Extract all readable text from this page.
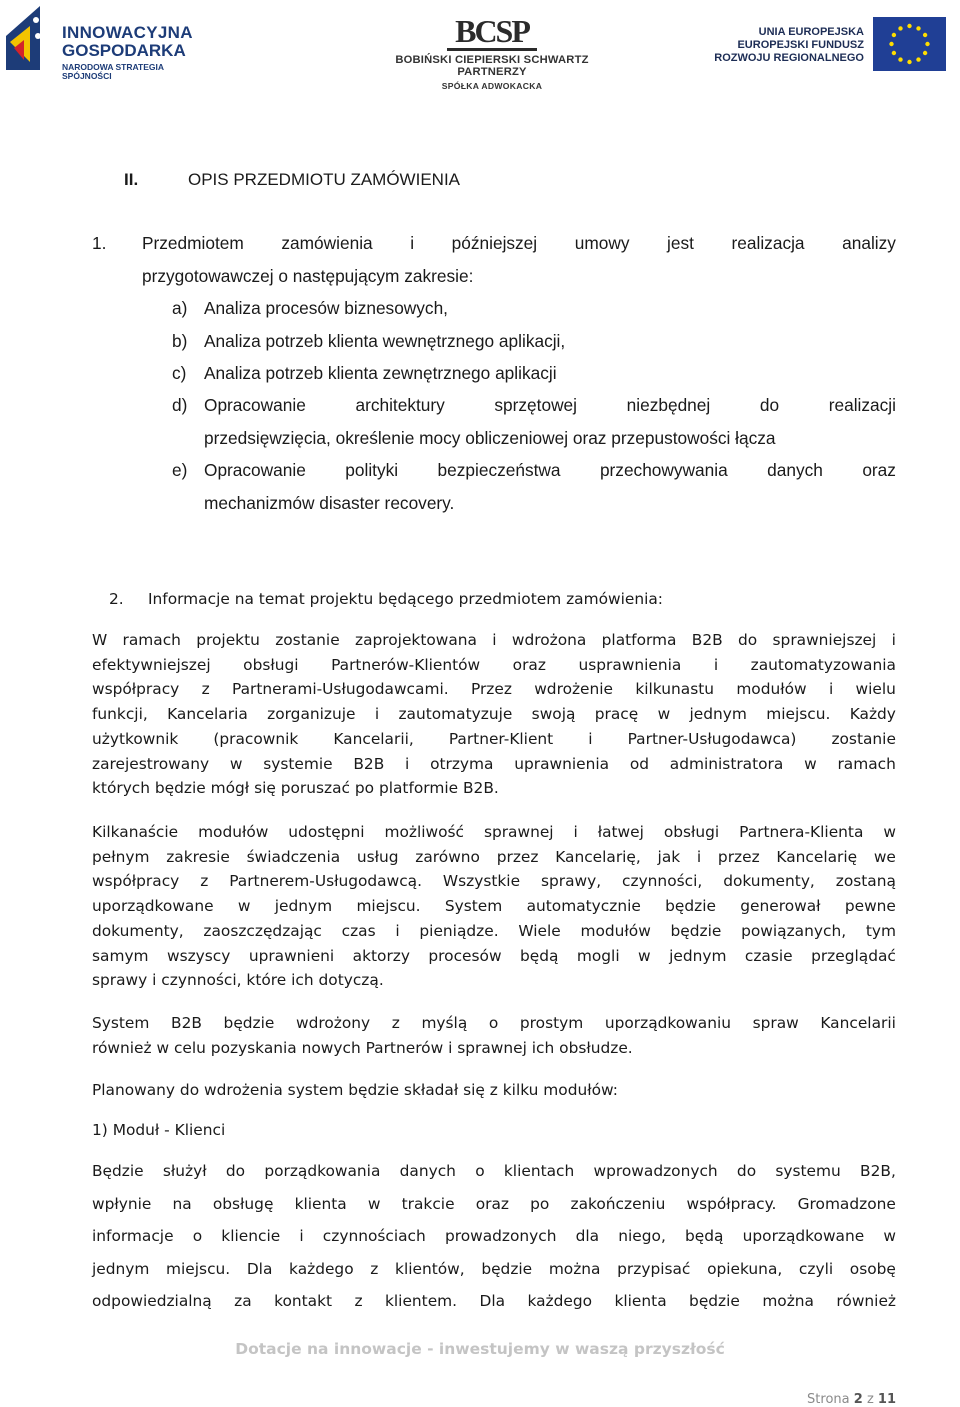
INNOWACYJNA
GOSPODARKA
NARODOWA STRATEGIA SPÓJNOŚCI
BCSP
BOBIŃSKI CIEPIERSKI SCHWARTZ PARTNERZY
SPÓŁKA ADWOKACKA
UNIA EUROPEJSKA
EUROPEJSKI FUNDUSZ
ROZWOJU REGIONALNEGO
II.	OPIS PRZEDMIOTU ZAMÓWIENIA
1. Przedmiotem zamówienia i późniejszej umowy jest realizacja analizy
przygotowawczej o następującym zakresie:
a) Analiza procesów biznesowych,
b) Analiza potrzeb klienta wewnętrznego aplikacji,
c) Analiza potrzeb klienta zewnętrznego aplikacji
d) Opracowanie	architektury	sprzętowej	niezbędnej	do	realizacji
przedsięwzięcia, określenie mocy obliczeniowej oraz przepustowości łącza
e) Opracowanie polityki bezpieczeństwa przechowywania danych oraz
mechanizmów disaster recovery.
2. Informacje na temat projektu będącego przedmiotem zamówienia:
W ramach projektu zostanie zaprojektowana i wdrożona platforma B2B do sprawniejszej i
efektywniejszej obsługi Partnerów-Klientów oraz usprawnienia i zautomatyzowania
współpracy z Partnerami-Usługodawcami. Przez wdrożenie kilkunastu modułów i wielu
funkcji, Kancelaria zorganizuje i zautomatyzuje swoją pracę w jednym miejscu. Każdy
użytkownik (pracownik Kancelarii, Partner-Klient i Partner-Usługodawca) zostanie
zarejestrowany w systemie B2B i otrzyma uprawnienia od administratora w ramach
których będzie mógł się poruszać po platformie B2B.
Kilkanaście modułów udostępni możliwość sprawnej i łatwej obsługi Partnera-Klienta w
pełnym zakresie świadczenia usług zarówno przez Kancelarię, jak i przez Kancelarię we
współpracy z Partnerem-Usługodawcą. Wszystkie sprawy, czynności, dokumenty, zostaną
uporządkowane w jednym miejscu. System automatycznie będzie generował pewne
dokumenty, zaoszczędzając czas i pieniądze. Wiele modułów będzie powiązanych, tym
samym wszyscy uprawnieni aktorzy procesów będą mogli w jednym czasie przeglądać
sprawy i czynności, które ich dotyczą.
System B2B będzie wdrożony z myślą o prostym uporządkowaniu spraw Kancelarii
również w celu pozyskania nowych Partnerów i sprawnej ich obsłudze.
Planowany do wdrożenia system będzie składał się z kilku modułów:
1) Moduł - Klienci
Będzie służył do porządkowania danych o klientach wprowadzonych do systemu B2B,
wpłynie na obsługę klienta w trakcie oraz po zakończeniu współpracy. Gromadzone
informacje o kliencie i czynnościach prowadzonych dla niego, będą uporządkowane w
jednym miejscu. Dla każdego z klientów, będzie można przypisać opiekuna, czyli osobę
odpowiedzialną za kontakt z klientem. Dla każdego klienta będzie można również
Dotacje na innowacje - inwestujemy w waszą przyszłość
Strona 2 z 11
